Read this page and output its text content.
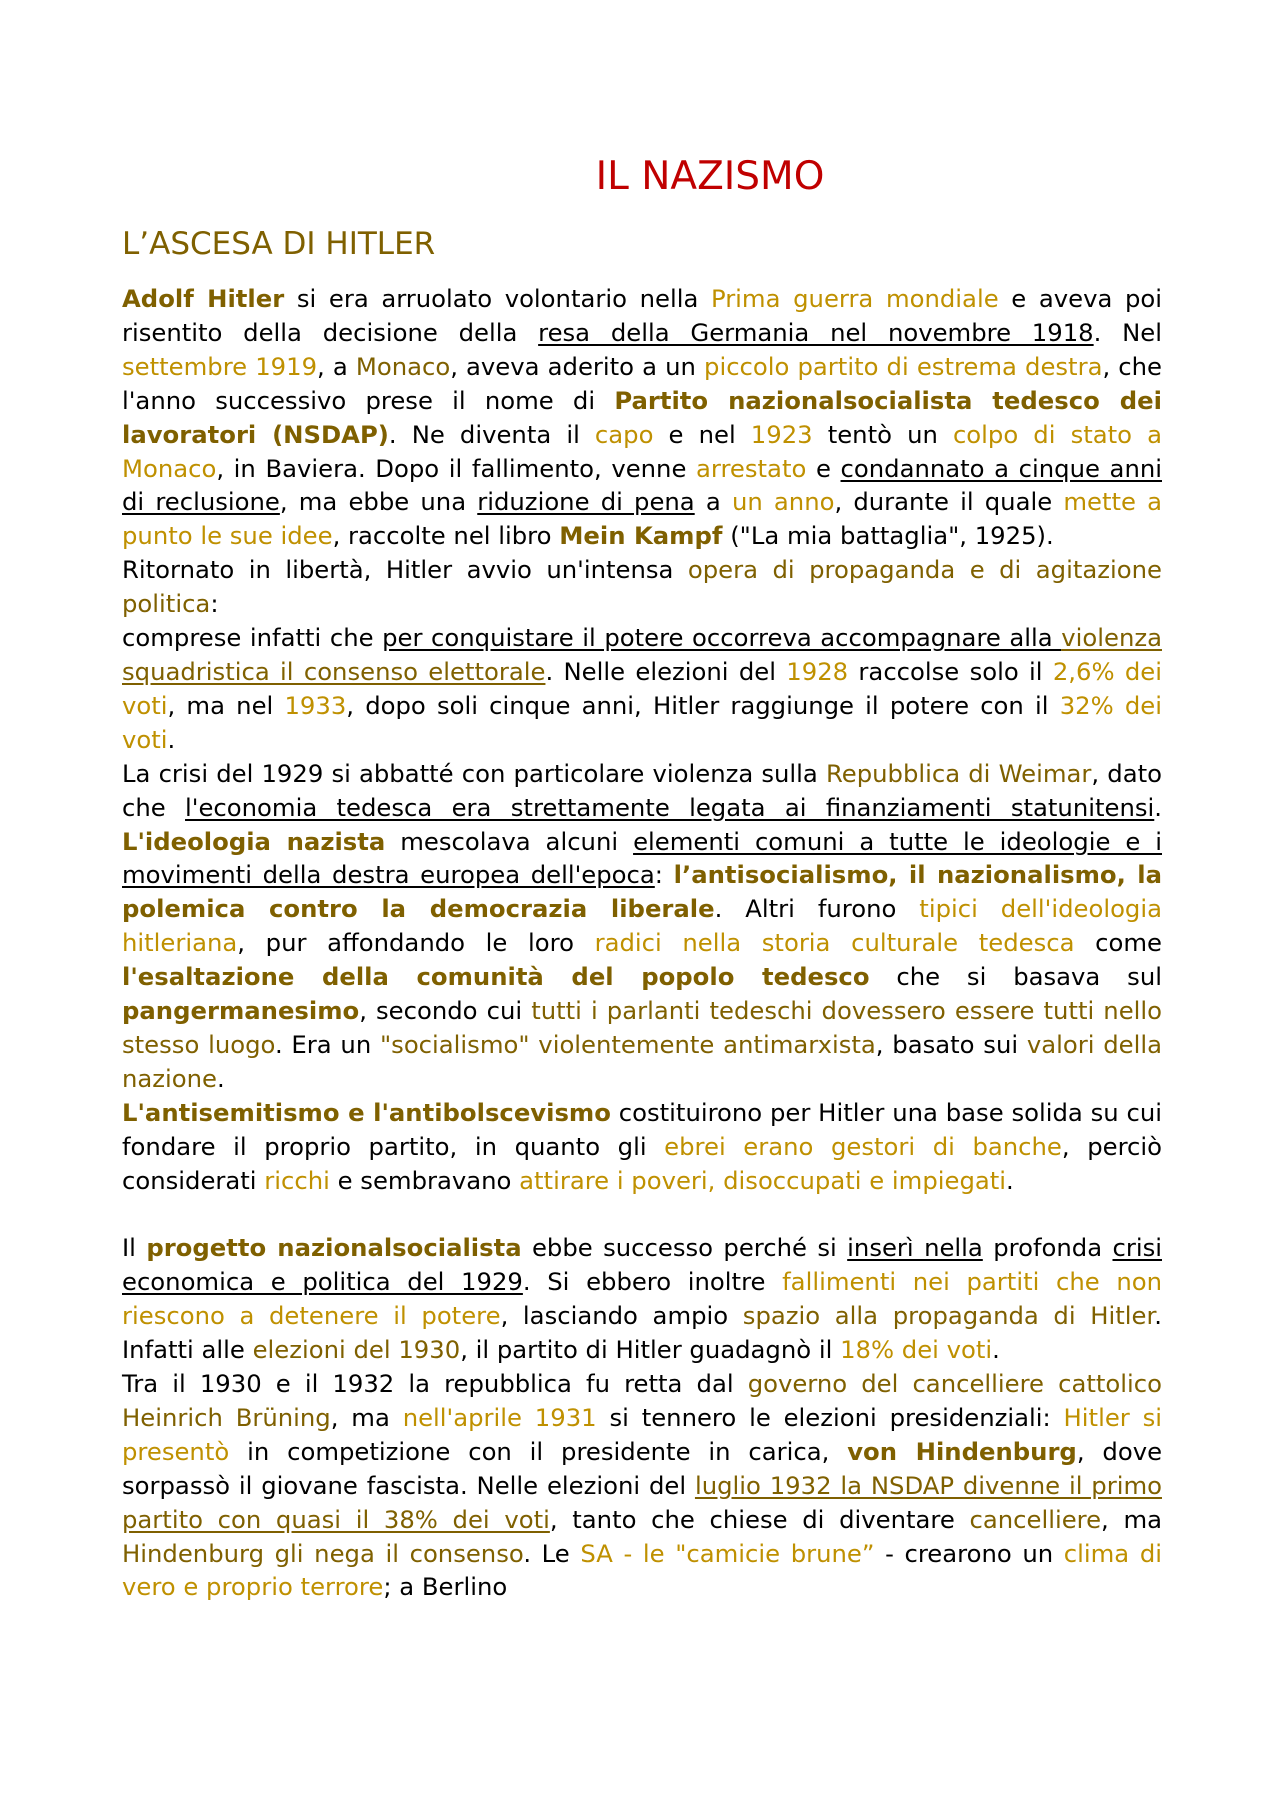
IL NAZISMO
L’ASCESA DI HITLER

Adolf Hitler si era arruolato volontario nella Prima guerra mondiale e aveva poi risentito della decisione della resa della Germania nel novembre 1918. Nel settembre 1919, a Monaco, aveva aderito a un piccolo partito di estrema destra, che l'anno successivo prese il nome di Partito nazionalsocialista tedesco dei lavoratori (NSDAP). Ne diventa il capo e nel 1923 tentò un colpo di stato a Monaco, in Baviera. Dopo il fallimento, venne arrestato e condannato a cinque anni di reclusione, ma ebbe una riduzione di pena a un anno, durante il quale mette a punto le sue idee, raccolte nel libro Mein Kampf ("La mia battaglia", 1925).

Ritornato in libertà, Hitler avvio un'intensa opera di propaganda e di agitazione politica:

comprese infatti che per conquistare il potere occorreva accompagnare alla violenza squadristica il consenso elettorale. Nelle elezioni del 1928 raccolse solo il 2,6% dei voti, ma nel 1933, dopo soli cinque anni, Hitler raggiunge il potere con il 32% dei voti.

La crisi del 1929 si abbatté con particolare violenza sulla Repubblica di Weimar, dato che l'economia tedesca era strettamente legata ai finanziamenti statunitensi. L'ideologia nazista mescolava alcuni elementi comuni a tutte le ideologie e i movimenti della destra europea dell'epoca: l’antisocialismo, il nazionalismo, la polemica contro la democrazia liberale. Altri furono tipici dell'ideologia hitleriana, pur affondando le loro radici nella storia culturale tedesca come l'esaltazione della comunità del popolo tedesco che si basava sul pangermanesimo, secondo cui tutti i parlanti tedeschi dovessero essere tutti nello stesso luogo. Era un "socialismo" violentemente antimarxista, basato sui valori della nazione.

L'antisemitismo e l'antibolscevismo costituirono per Hitler una base solida su cui fondare il proprio partito, in quanto gli ebrei erano gestori di banche, perciò considerati ricchi e sembravano attirare i poveri, disoccupati e impiegati.

Il progetto nazionalsocialista ebbe successo perché si inserì nella profonda crisi economica e politica del 1929. Si ebbero inoltre fallimenti nei partiti che non riescono a detenere il potere, lasciando ampio spazio alla propaganda di Hitler. Infatti alle elezioni del 1930, il partito di Hitler guadagnò il 18% dei voti.

Tra il 1930 e il 1932 la repubblica fu retta dal governo del cancelliere cattolico Heinrich Brüning, ma nell'aprile 1931 si tennero le elezioni presidenziali: Hitler si presentò in competizione con il presidente in carica, von Hindenburg, dove sorpassò il giovane fascista. Nelle elezioni del luglio 1932 la NSDAP divenne il primo partito con quasi il 38% dei voti, tanto che chiese di diventare cancelliere, ma Hindenburg gli nega il consenso. Le SA - le "camicie brune” - crearono un clima di vero e proprio terrore; a Berlino
